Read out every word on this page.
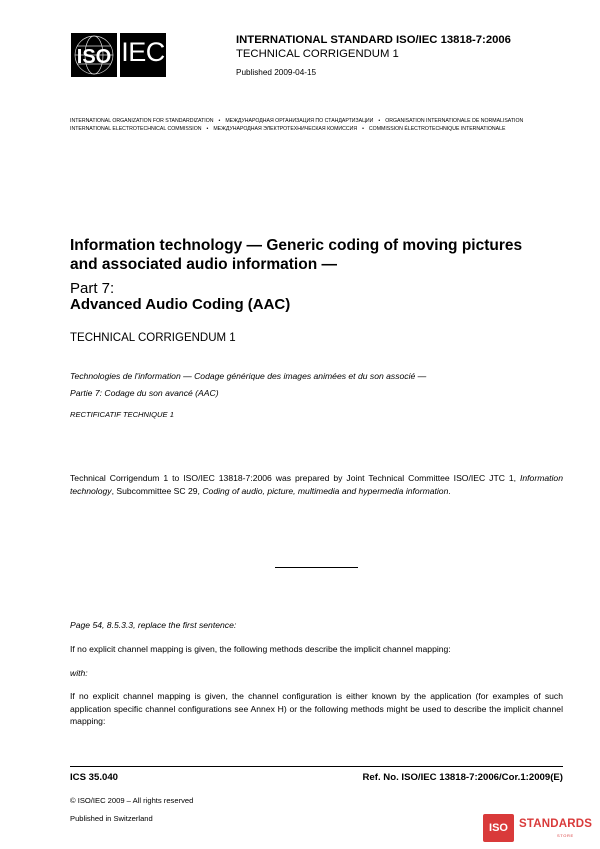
ISO IEC	INTERNATIONAL STANDARD ISO/IEC 13818-7:2006
TECHNICAL CORRIGENDUM 1
Published 2009-04-15
INTERNATIONAL ORGANIZATION FOR STANDARDIZATION • МЕЖДУНАРОДНАЯ ОРГАНИЗАЦИЯ ПО СТАНДАРТИЗАЦИИ • ORGANISATION INTERNATIONALE DE NORMALISATION
INTERNATIONAL ELECTROTECHNICAL COMMISSION • МЕЖДУНАРОДНАЯ ЭЛЕКТРОТЕХНИЧЕСКАЯ КОМИССИЯ • COMMISSION ÉLECTROTECHNIQUE INTERNATIONALE
Information technology — Generic coding of moving pictures and associated audio information —
Part 7:
Advanced Audio Coding (AAC)
TECHNICAL CORRIGENDUM 1
Technologies de l'information — Codage générique des images animées et du son associé —
Partie 7: Codage du son avancé (AAC)
RECTIFICATIF TECHNIQUE 1
Technical Corrigendum 1 to ISO/IEC 13818-7:2006 was prepared by Joint Technical Committee ISO/IEC JTC 1, Information technology, Subcommittee SC 29, Coding of audio, picture, multimedia and hypermedia information.
Page 54, 8.5.3.3, replace the first sentence:
If no explicit channel mapping is given, the following methods describe the implicit channel mapping:
with:
If no explicit channel mapping is given, the channel configuration is either known by the application (for examples of such application specific channel configurations see Annex H) or the following methods might be used to describe the implicit channel mapping:
ICS 35.040	Ref. No. ISO/IEC 13818-7:2006/Cor.1:2009(E)
© ISO/IEC 2009 – All rights reserved
Published in Switzerland
ISO STANDARDS
STORE
